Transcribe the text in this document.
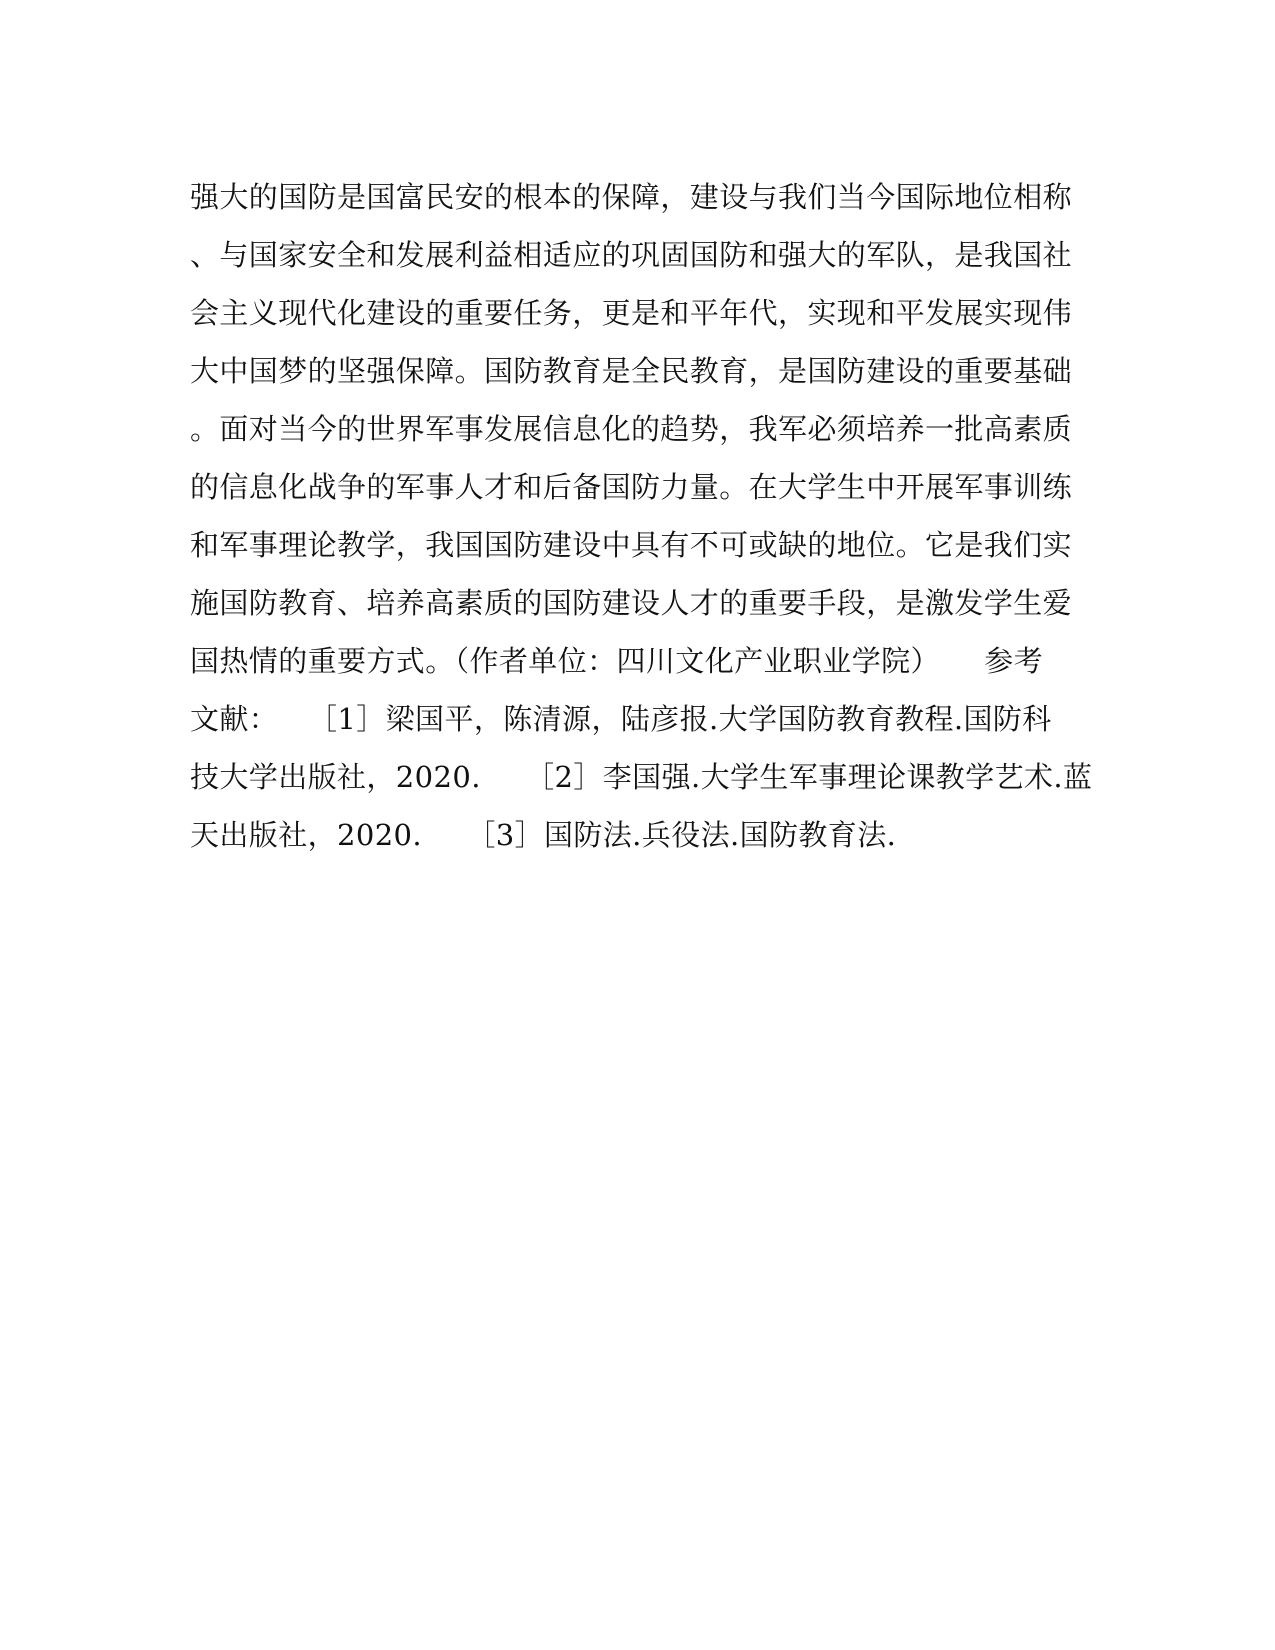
强大的国防是国富民安的根本的保障，建设与我们当今国际地位相称
、与国家安全和发展利益相适应的巩固国防和强大的军队，是我国社
会主义现代化建设的重要任务，更是和平年代，实现和平发展实现伟
大中国梦的坚强保障。国防教育是全民教育，是国防建设的重要基础
。面对当今的世界军事发展信息化的趋势，我军必须培养一批高素质
的信息化战争的军事人才和后备国防力量。在大学生中开展军事训练
和军事理论教学，我国国防建设中具有不可或缺的地位。它是我们实
施国防教育、培养高素质的国防建设人才的重要手段，是激发学生爱
国热情的重要方式。（作者单位：四川文化产业职业学院）　　参考
文献：　　［1］梁国平，陈清源，陆彦报.大学国防教育教程.国防科
技大学出版社，2020.　　［2］李国强.大学生军事理论课教学艺术.蓝
天出版社，2020.　　［3］国防法.兵役法.国防教育法.
